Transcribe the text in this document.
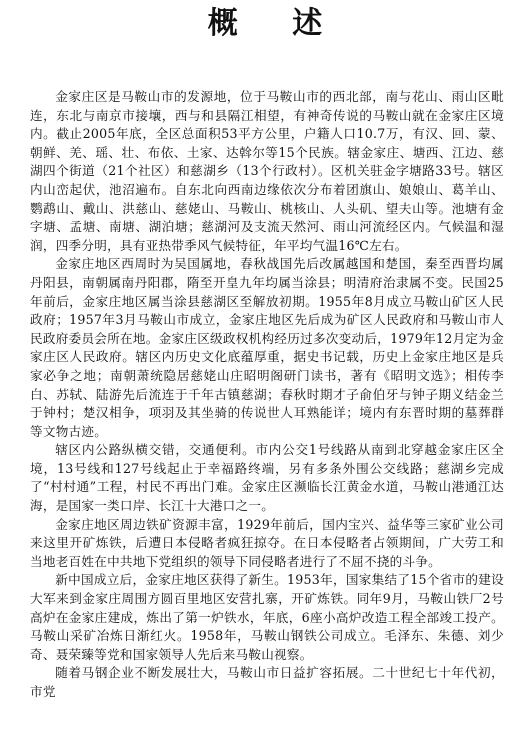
概 述

金家庄区是马鞍山市的发源地，位于马鞍山市的西北部，南与花山、雨山区毗连，东北与南京市接壤，西与和县隔江相望，有神奇传说的马鞍山就在金家庄区境内。截止2005年底，全区总面积53平方公里，户籍人口10.7万，有汉、回、蒙、朝鲜、羌、瑶、壮、布依、土家、达斡尔等15个民族。辖金家庄、塘西、江边、慈湖四个街道（21个社区）和慈湖乡（13个行政村）。区机关驻金字塘路33号。辖区内山峦起伏，池沼遍布。自东北向西南边缘依次分布着团旗山、娘娘山、葛羊山、鹦鹉山、戴山、洪慈山、慈姥山、马鞍山、桃核山、人头矶、望夫山等。池塘有金字塘、孟塘、南塘、湖泊塘；慈湖河及支流天然河、雨山河流经区内。气候温和湿润，四季分明，具有亚热带季风气候特征，年平均气温16℃左右。

金家庄地区西周时为吴国属地，春秋战国先后改属越国和楚国，秦至西晋均属丹阳县，南朝属南丹阳郡，隋至开皇九年均属当涂县；明清府治隶属不变。民国25年前后，金家庄地区属当涂县慈湖区至解放初期。1955年8月成立马鞍山矿区人民政府；1957年3月马鞍山市成立，金家庄地区先后成为矿区人民政府和马鞍山市人民政府委员会所在地。金家庄区级政权机构经历过多次变动后，1979年12月定为金家庄区人民政府。辖区内历史文化底蕴厚重，据史书记载，历史上金家庄地区是兵家必争之地；南朝萧统隐居慈姥山庄昭明阁研门读书，著有《昭明文选》；相传李白、苏轼、陆游先后流连于千年古镇慈湖；春秋时期才子俞伯牙与钟子期义结金兰于钟村；楚汉相争，项羽及其坐骑的传说世人耳熟能详；境内有东晋时期的墓葬群等文物古迹。

辖区内公路纵横交错，交通便利。市内公交1号线路从南到北穿越金家庄区全境，13号线和127号线起止于幸福路终端，另有多条外围公交线路；慈湖乡完成了“村村通”工程，村民不再出门难。金家庄区濒临长江黄金水道，马鞍山港通江达海，是国家一类口岸、长江十大港口之一。

金家庄地区周边铁矿资源丰富，1929年前后，国内宝兴、益华等三家矿业公司来这里开矿炼铁，后遭日本侵略者疯狂掠夺。在日本侵略者占领期间，广大劳工和当地老百姓在中共地下党组织的领导下同侵略者进行了不屈不挠的斗争。

新中国成立后，金家庄地区获得了新生。1953年，国家集结了15个省市的建设大军来到金家庄周围方圆百里地区安营扎寨，开矿炼铁。同年9月，马鞍山铁厂2号高炉在金家庄建成，炼出了第一炉铁水，年底，6座小高炉改造工程全部竣工投产。马鞍山采矿冶炼日渐红火。1958年，马鞍山钢铁公司成立。毛泽东、朱德、刘少奇、聂荣臻等党和国家领导人先后来马鞍山视察。

随着马钢企业不断发展壮大，马鞍山市日益扩容拓展。二十世纪七十年代初，市党
